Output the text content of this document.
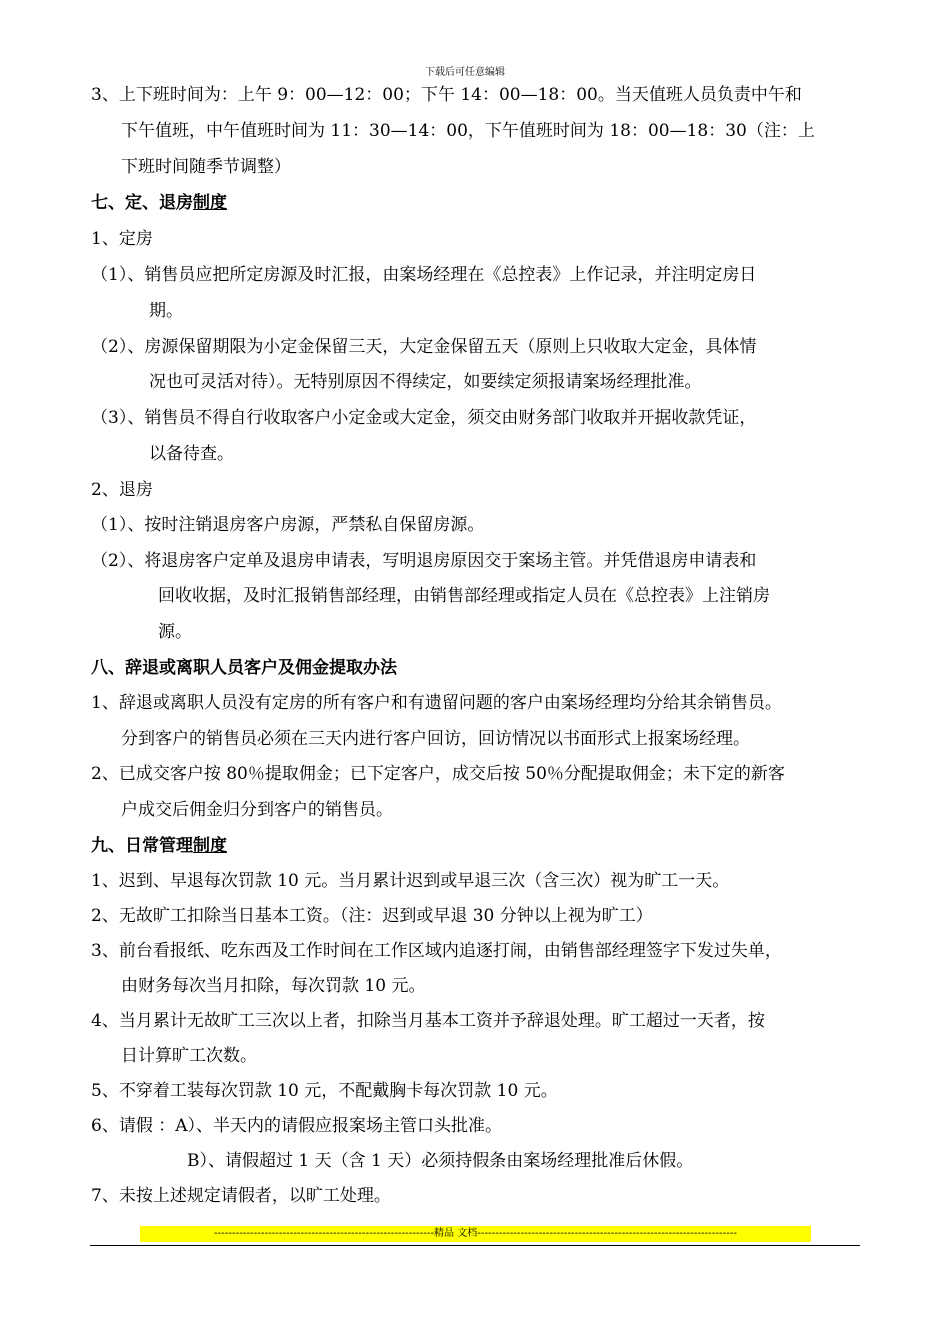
下载后可任意编辑
3、上下班时间为：上午 9：00—12：00；下午 14：00—18：00。当天值班人员负责中午和
下午值班，中午值班时间为 11：30—14：00，下午值班时间为 18：00—18：30（注：上
下班时间随季节调整）
七、定、退房制度
1、定房
（1）、销售员应把所定房源及时汇报，由案场经理在《总控表》上作记录，并注明定房日
期。
（2）、房源保留期限为小定金保留三天，大定金保留五天（原则上只收取大定金，具体情
况也可灵活对待）。无特别原因不得续定，如要续定须报请案场经理批准。
（3）、销售员不得自行收取客户小定金或大定金，须交由财务部门收取并开据收款凭证，
以备待查。
2、退房
（1）、按时注销退房客户房源，严禁私自保留房源。
（2）、将退房客户定单及退房申请表，写明退房原因交于案场主管。并凭借退房申请表和
回收收据，及时汇报销售部经理，由销售部经理或指定人员在《总控表》上注销房
源。
八、辞退或离职人员客户及佣金提取办法
1、辞退或离职人员没有定房的所有客户和有遗留问题的客户由案场经理均分给其余销售员。
分到客户的销售员必须在三天内进行客户回访，回访情况以书面形式上报案场经理。
2、已成交客户按 80％提取佣金；已下定客户，成交后按 50％分配提取佣金；未下定的新客
户成交后佣金归分到客户的销售员。
九、日常管理制度
1、迟到、早退每次罚款 10 元。当月累计迟到或早退三次（含三次）视为旷工一天。
2、无故旷工扣除当日基本工资。（注：迟到或早退 30 分钟以上视为旷工）
3、前台看报纸、吃东西及工作时间在工作区域内追逐打闹，由销售部经理签字下发过失单，
由财务每次当月扣除，每次罚款 10 元。
4、当月累计无故旷工三次以上者，扣除当月基本工资并予辞退处理。旷工超过一天者，按
日计算旷工次数。
5、不穿着工装每次罚款 10 元，不配戴胸卡每次罚款 10 元。
6、请假 ：A）、半天内的请假应报案场主管口头批准。
B）、请假超过 1 天（含 1 天）必须持假条由案场经理批准后休假。
7、未按上述规定请假者，以旷工处理。
-------------------------------------------------------------精品 文档------------------------------------------------------------------------
